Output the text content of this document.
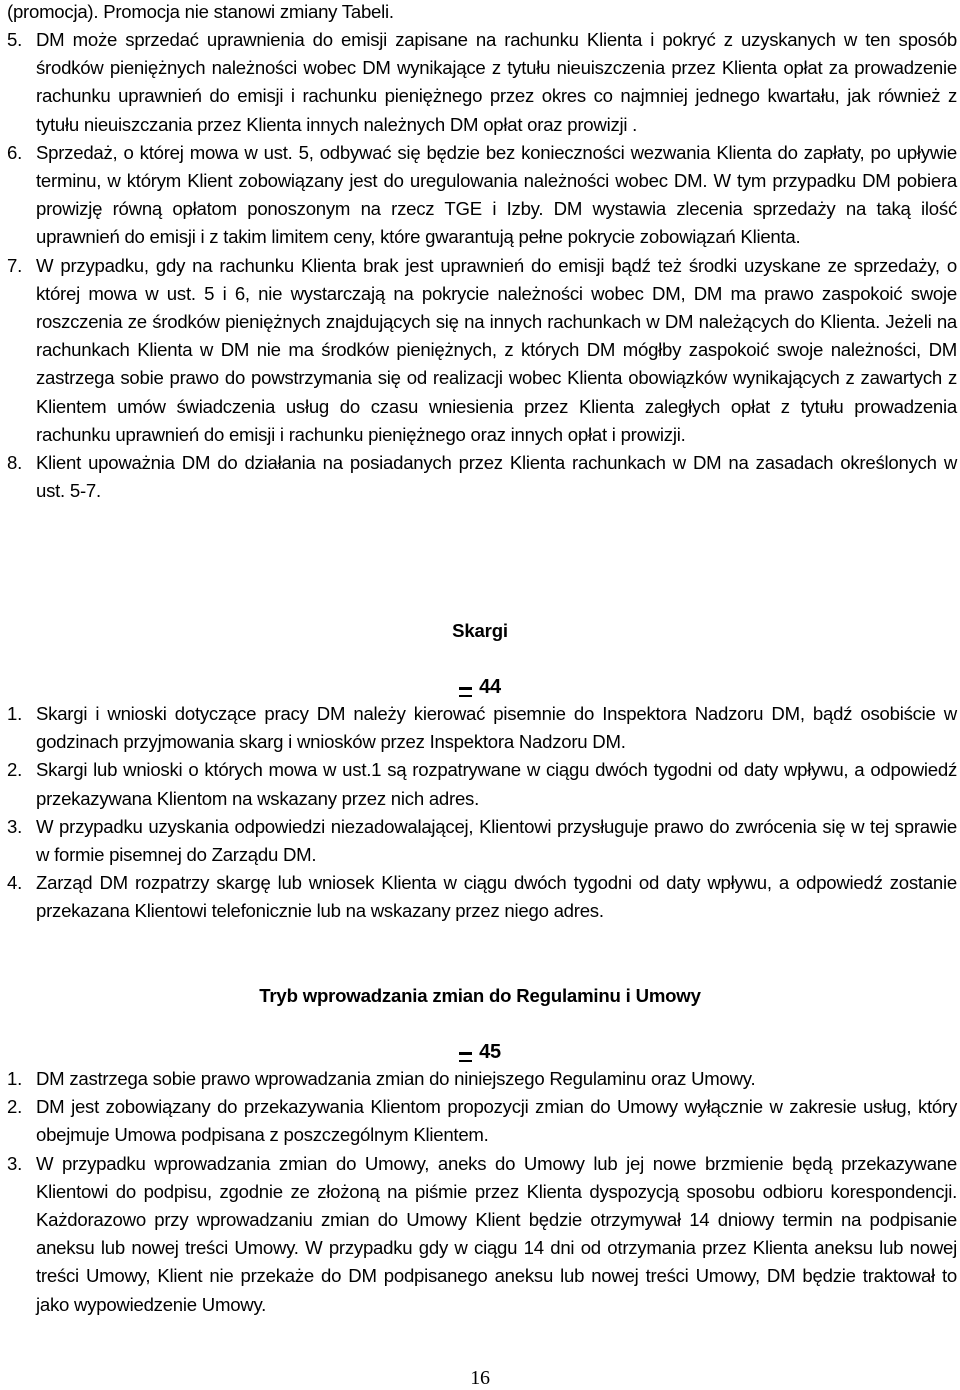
(promocja). Promocja nie stanowi zmiany Tabeli.
5. DM może sprzedać uprawnienia do emisji zapisane na rachunku Klienta i pokryć z uzyskanych w ten sposób środków pieniężnych należności wobec DM wynikające z tytułu nieuiszczenia przez Klienta opłat za prowadzenie rachunku uprawnień do emisji i rachunku pieniężnego przez okres co najmniej jednego kwartału, jak również z tytułu nieuiszczania przez Klienta innych należnych DM opłat oraz prowizji .
6. Sprzedaż, o której mowa w ust. 5, odbywać się będzie bez konieczności wezwania Klienta do zapłaty, po upływie terminu, w którym Klient zobowiązany jest do uregulowania należności wobec DM. W tym przypadku DM pobiera prowizję równą opłatom ponoszonym na rzecz TGE i Izby. DM wystawia zlecenia sprzedaży na taką ilość uprawnień do emisji i z takim limitem ceny, które gwarantują pełne pokrycie zobowiązań Klienta.
7. W przypadku, gdy na rachunku Klienta brak jest uprawnień do emisji bądź też środki uzyskane ze sprzedaży, o której mowa w ust. 5 i 6, nie wystarczają na pokrycie należności wobec DM, DM ma prawo zaspokoić swoje roszczenia ze środków pieniężnych znajdujących się na innych rachunkach w DM należących do Klienta. Jeżeli na rachunkach Klienta w DM nie ma środków pieniężnych, z których DM mógłby zaspokoić swoje należności, DM zastrzega sobie prawo do powstrzymania się od realizacji wobec Klienta obowiązków wynikających z zawartych z Klientem umów świadczenia usług do czasu wniesienia przez Klienta zaległych opłat z tytułu prowadzenia rachunku uprawnień do emisji i rachunku pieniężnego oraz innych opłat i prowizji.
8. Klient upoważnia DM do działania na posiadanych przez Klienta rachunkach w DM na zasadach określonych w ust. 5-7.
Skargi
44
1. Skargi i wnioski dotyczące pracy DM należy kierować pisemnie do Inspektora Nadzoru DM, bądź osobiście w godzinach przyjmowania skarg i wniosków przez Inspektora Nadzoru DM.
2. Skargi lub wnioski o których mowa w ust.1 są rozpatrywane w ciągu dwóch tygodni od daty wpływu, a odpowiedź przekazywana Klientom na wskazany przez nich adres.
3. W przypadku uzyskania odpowiedzi niezadowalającej, Klientowi przysługuje prawo do zwrócenia się w tej sprawie w formie pisemnej do Zarządu DM.
4. Zarząd DM rozpatrzy skargę lub wniosek Klienta w ciągu dwóch tygodni od daty wpływu, a odpowiedź zostanie przekazana Klientowi telefonicznie lub na wskazany przez niego adres.
Tryb wprowadzania zmian do Regulaminu i Umowy
45
1. DM zastrzega sobie prawo wprowadzania zmian do niniejszego Regulaminu oraz Umowy.
2. DM jest zobowiązany do przekazywania Klientom propozycji zmian do Umowy wyłącznie w zakresie usług, który obejmuje Umowa podpisana z poszczególnym Klientem.
3. W przypadku wprowadzania zmian do Umowy, aneks do Umowy lub jej nowe brzmienie będą przekazywane Klientowi do podpisu, zgodnie ze złożoną na piśmie przez Klienta dyspozycją sposobu odbioru korespondencji. Każdorazowo przy wprowadzaniu zmian do Umowy Klient będzie otrzymywał 14 dniowy termin na podpisanie aneksu lub nowej treści Umowy. W przypadku gdy w ciągu 14 dni od otrzymania przez Klienta aneksu lub nowej treści Umowy, Klient nie przekaże do DM podpisanego aneksu lub nowej treści Umowy, DM będzie traktował to jako wypowiedzenie Umowy.
16
